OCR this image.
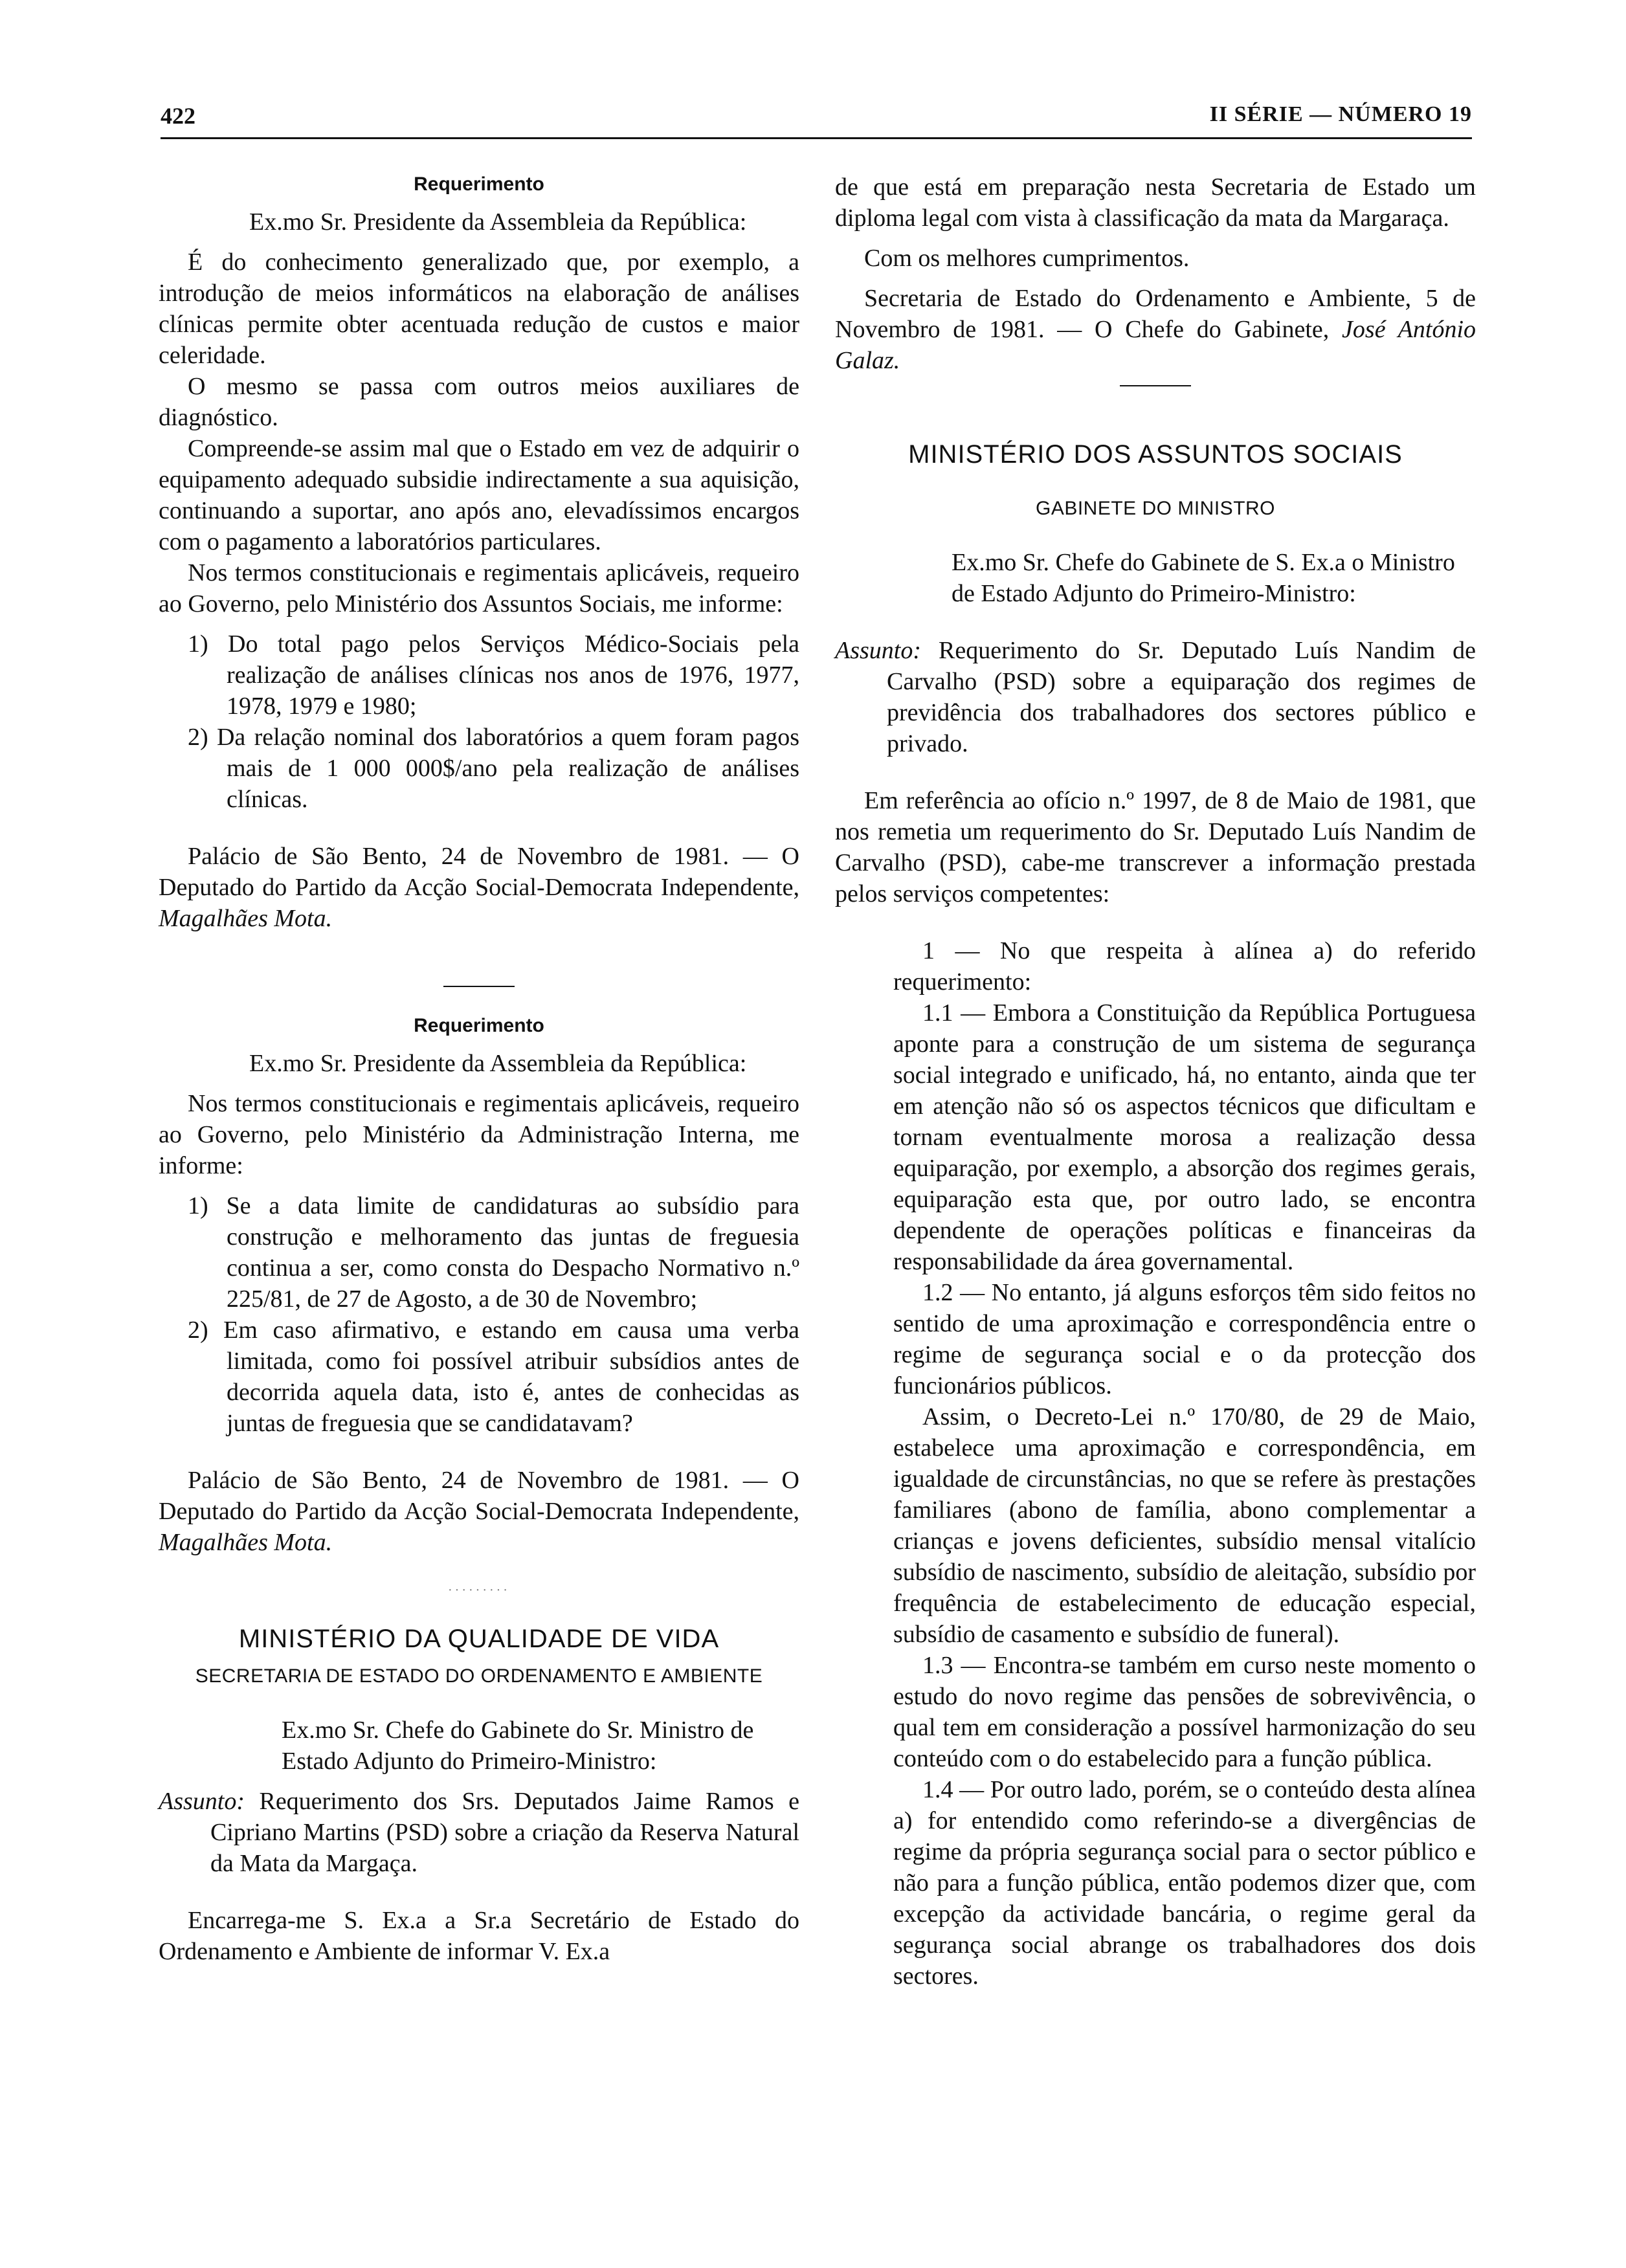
422	II SÉRIE — NÚMERO 19
Requerimento

Ex.mo Sr. Presidente da Assembleia da República:

É do conhecimento generalizado que, por exemplo, a introdução de meios informáticos na elaboração de análises clínicas permite obter acentuada redução de custos e maior celeridade.

O mesmo se passa com outros meios auxiliares de diagnóstico.

Compreende-se assim mal que o Estado em vez de adquirir o equipamento adequado subsidie indirectamente a sua aquisição, continuando a suportar, ano após ano, elevadíssimos encargos com o pagamento a laboratórios particulares.

Nos termos constitucionais e regimentais aplicáveis, requeiro ao Governo, pelo Ministério dos Assuntos Sociais, me informe:

1) Do total pago pelos Serviços Médico-Sociais pela realização de análises clínicas nos anos de 1976, 1977, 1978, 1979 e 1980;

2) Da relação nominal dos laboratórios a quem foram pagos mais de 1 000 000$/ano pela realização de análises clínicas.

Palácio de São Bento, 24 de Novembro de 1981. — O Deputado do Partido da Acção Social-Democrata Independente, Magalhães Mota.

Requerimento

Ex.mo Sr. Presidente da Assembleia da República:

Nos termos constitucionais e regimentais aplicáveis, requeiro ao Governo, pelo Ministério da Administração Interna, me informe:

1) Se a data limite de candidaturas ao subsídio para construção e melhoramento das juntas de freguesia continua a ser, como consta do Despacho Normativo n.º 225/81, de 27 de Agosto, a de 30 de Novembro;

2) Em caso afirmativo, e estando em causa uma verba limitada, como foi possível atribuir subsídios antes de decorrida aquela data, isto é, antes de conhecidas as juntas de freguesia que se candidatavam?

Palácio de São Bento, 24 de Novembro de 1981. — O Deputado do Partido da Acção Social-Democrata Independente, Magalhães Mota.

·········
MINISTÉRIO DA QUALIDADE DE VIDA
SECRETARIA DE ESTADO DO ORDENAMENTO E AMBIENTE

Ex.mo Sr. Chefe do Gabinete do Sr. Ministro de Estado Adjunto do Primeiro-Ministro:

Assunto: Requerimento dos Srs. Deputados Jaime Ramos e Cipriano Martins (PSD) sobre a criação da Reserva Natural da Mata da Margaça.

Encarrega-me S. Ex.a a Sr.a Secretário de Estado do Ordenamento e Ambiente de informar V. Ex.a

de que está em preparação nesta Secretaria de Estado um diploma legal com vista à classificação da mata da Margaraça.

Com os melhores cumprimentos.

Secretaria de Estado do Ordenamento e Ambiente, 5 de Novembro de 1981. — O Chefe do Gabinete, José António Galaz.

MINISTÉRIO DOS ASSUNTOS SOCIAIS
GABINETE DO MINISTRO

Ex.mo Sr. Chefe do Gabinete de S. Ex.a o Ministro de Estado Adjunto do Primeiro-Ministro:

Assunto: Requerimento do Sr. Deputado Luís Nandim de Carvalho (PSD) sobre a equiparação dos regimes de previdência dos trabalhadores dos sectores público e privado.

Em referência ao ofício n.º 1997, de 8 de Maio de 1981, que nos remetia um requerimento do Sr. Deputado Luís Nandim de Carvalho (PSD), cabe-me transcrever a informação prestada pelos serviços competentes:

1 — No que respeita à alínea a) do referido requerimento:

1.1 — Embora a Constituição da República Portuguesa aponte para a construção de um sistema de segurança social integrado e unificado, há, no entanto, ainda que ter em atenção não só os aspectos técnicos que dificultam e tornam eventualmente morosa a realização dessa equiparação, por exemplo, a absorção dos regimes gerais, equiparação esta que, por outro lado, se encontra dependente de operações políticas e financeiras da responsabilidade da área governamental.

1.2 — No entanto, já alguns esforços têm sido feitos no sentido de uma aproximação e correspondência entre o regime de segurança social e o da protecção dos funcionários públicos.

Assim, o Decreto-Lei n.º 170/80, de 29 de Maio, estabelece uma aproximação e correspondência, em igualdade de circunstâncias, no que se refere às prestações familiares (abono de família, abono complementar a crianças e jovens deficientes, subsídio mensal vitalício subsídio de nascimento, subsídio de aleitação, subsídio por frequência de estabelecimento de educação especial, subsídio de casamento e subsídio de funeral).

1.3 — Encontra-se também em curso neste momento o estudo do novo regime das pensões de sobrevivência, o qual tem em consideração a possível harmonização do seu conteúdo com o do estabelecido para a função pública.

1.4 — Por outro lado, porém, se o conteúdo desta alínea a) for entendido como referindo-se a divergências de regime da própria segurança social para o sector público e não para a função pública, então podemos dizer que, com excepção da actividade bancária, o regime geral da segurança social abrange os trabalhadores dos dois sectores.
